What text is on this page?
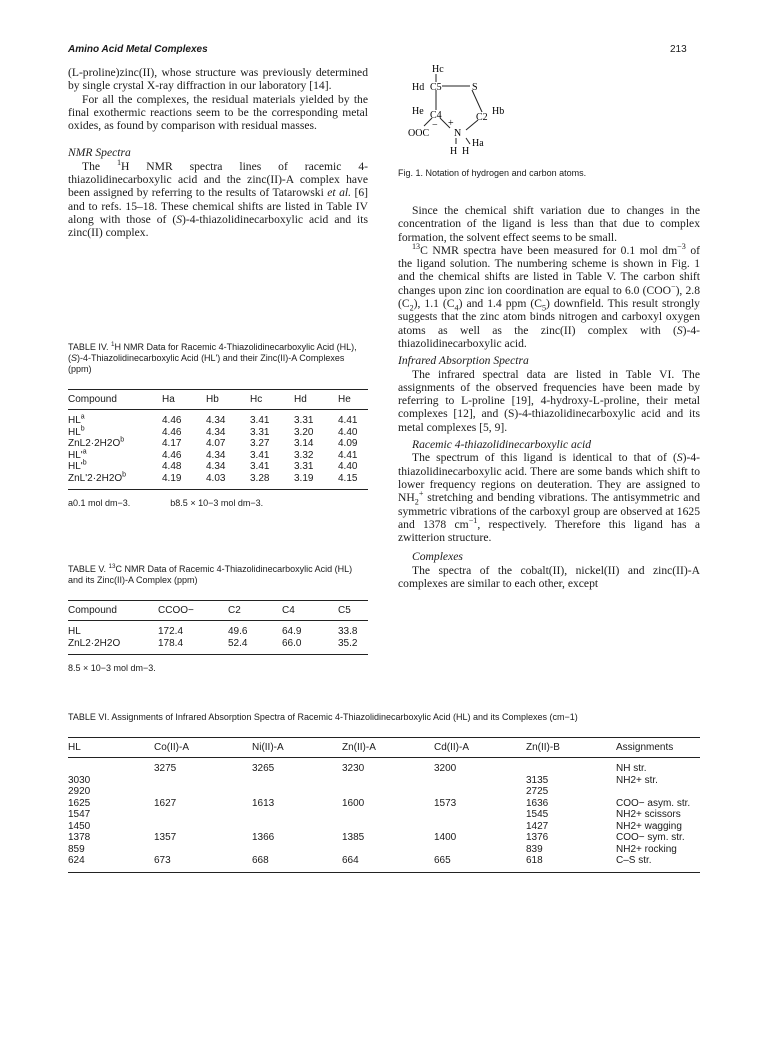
Amino Acid Metal Complexes	213

(L-proline)zinc(II), whose structure was previously determined by single crystal X-ray diffraction in our laboratory [14].

For all the complexes, the residual materials yielded by the final exothermic reactions seem to be the corresponding metal oxides, as found by comparison with residual masses.

NMR Spectra

The $^1$H NMR spectra lines of racemic 4-thiazolidinecarboxylic acid and the zinc(II)-A complex have been assigned by referring to the results of Tatarowski et al. [6] and to refs. 15–18. These chemical shifts are listed in Table IV along with those of (S)-4-thiazolidinecarboxylic acid and its zinc(II) complex.

TABLE IV. $^1$H NMR Data for Racemic 4-Thiazolidinecarboxylic Acid (HL), (S)-4-Thiazolidinecarboxylic Acid (HL') and their Zinc(II)-A Complexes (ppm)
Compound	Ha	Hb	Hc	Hd	He
$HL^a$	4.46	4.34	3.41	3.31	4.41
$HL^b$	4.46	4.34	3.31	3.20	4.40
$ZnL2\cdot 2H2O^b$	4.17	4.07	3.27	3.14	4.09
$HL'^a$	4.46	4.34	3.41	3.32	4.41
$HL'^b$	4.48	4.34	3.41	3.31	4.40
$ZnL'2\cdot 2H2O^b$	4.19	4.03	3.28	3.19	4.15
a0.1 mol dm−3.	b8.5 × 10−3 mol dm−3.
TABLE V. $^{13}$C NMR Data of Racemic 4-Thiazolidinecarboxylic Acid (HL) and its Zinc(II)-A Complex (ppm)
Compound	CCOO−	C2	C4	C5
HL	172.4	49.6	64.9	33.8
ZnL2·2H2O	178.4	52.4	66.0	35.2
8.5 × 10−3 mol dm−3.
Hc
Hd C5	S
He C4	C2
Hb
+
−
OOC N
H H
Ha
Fig. 1. Notation of hydrogen and carbon atoms.

Since the chemical shift variation due to changes in the concentration of the ligand is less than that due to complex formation, the solvent effect seems to be small.

$^{13}$C NMR spectra have been measured for 0.1 mol $dm^{-3}$ of the ligand solution. The numbering scheme is shown in Fig. 1 and the chemical shifts are listed in Table V. The carbon shift changes upon zinc ion coordination are equal to 6.0 (COO−), 2.8 $(C_2)$, 1.1 $(C_4)$ and 1.4 ppm $(C_5)$ downfield. This result strongly suggests that the zinc atom binds nitrogen and carboxyl oxygen atoms as well as the zinc(II) complex with (S)-4-thiazolidinecarboxylic acid.

Infrared Absorption Spectra

The infrared spectral data are listed in Table VI. The assignments of the observed frequencies have been made by referring to L-proline [19], 4-hydroxy-L-proline, their metal complexes [12], and (S)-4-thiazolidinecarboxylic acid and its metal complexes [5, 9].

Racemic 4-thiazolidinecarboxylic acid

The spectrum of this ligand is identical to that of (S)-4-thiazolidinecarboxylic acid. There are some bands which shift to lower frequency regions on deuteration. They are assigned to $NH_2^+$ stretching and bending vibrations. The antisymmetric and symmetric vibrations of the carboxyl group are observed at 1625 and 1378 $cm^{-1}$, respectively. Therefore this ligand has a zwitterion structure.

Complexes

The spectra of the cobalt(II), nickel(II) and zinc(II)-A complexes are similar to each other, except

TABLE VI. Assignments of Infrared Absorption Spectra of Racemic 4-Thiazolidinecarboxylic Acid (HL) and its Complexes (cm−1)
HL	Co(II)-A	Ni(II)-A	Zn(II)-A	Cd(II)-A	Zn(II)-B	Assignments
	3275	3265	3230	3200		NH str.
3030					3135	NH2+ str.
2920					2725	
1625	1627	1613	1600	1573	1636	COO− asym. str.
1547					1545	NH2+ scissors
1450					1427	NH2+ wagging
1378	1357	1366	1385	1400	1376	COO− sym. str.
859					839	NH2+ rocking
624	673	668	664	665	618	C–S str.
